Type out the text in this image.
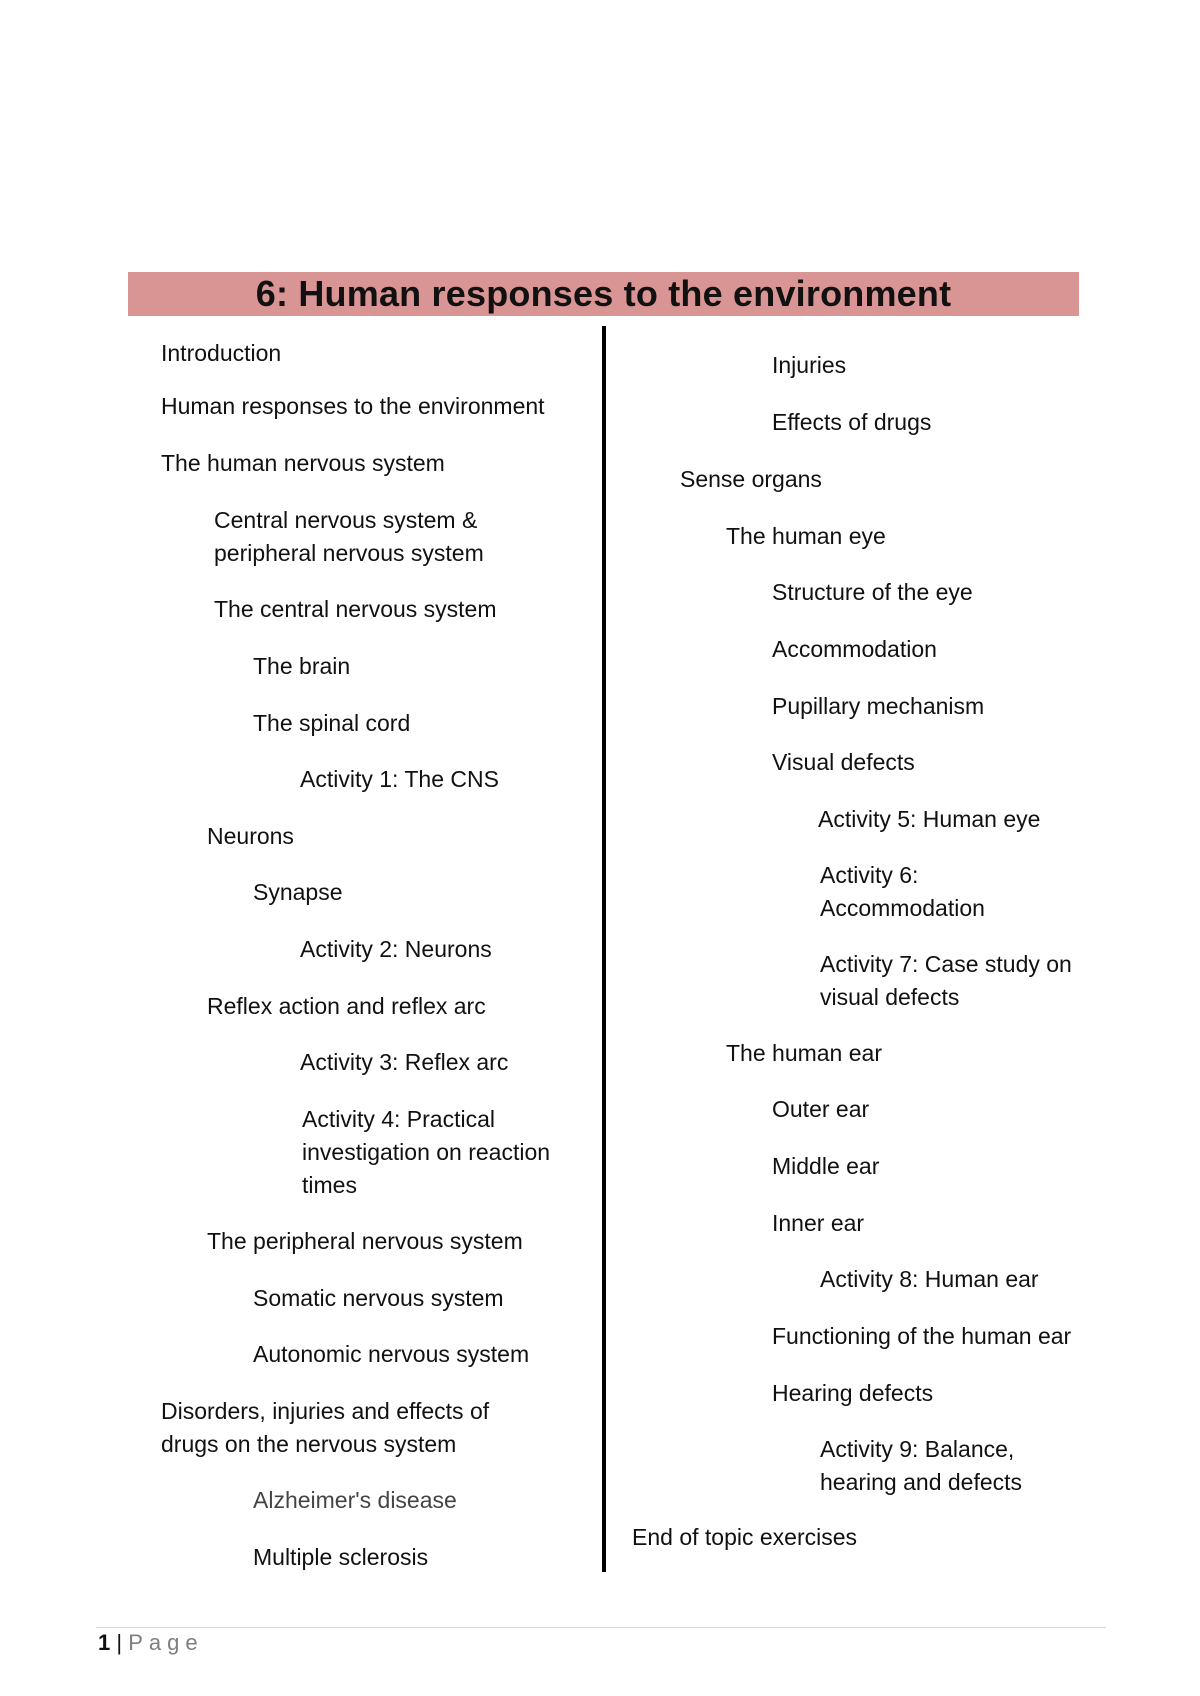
6: Human responses to the environment
Introduction
Human responses to the environment
The human nervous system
Central nervous system & peripheral nervous system
The central nervous system
The brain
The spinal cord
Activity 1: The CNS
Neurons
Synapse
Activity 2: Neurons
Reflex action and reflex arc
Activity 3: Reflex arc
Activity 4: Practical investigation on reaction times
The peripheral nervous system
Somatic nervous system
Autonomic nervous system
Disorders, injuries and effects of drugs on the nervous system
Alzheimer's disease
Multiple sclerosis
Injuries
Effects of drugs
Sense organs
The human eye
Structure of the eye
Accommodation
Pupillary mechanism
Visual defects
Activity 5: Human eye
Activity 6: Accommodation
Activity 7: Case study on visual defects
The human ear
Outer ear
Middle ear
Inner ear
Activity 8: Human ear
Functioning of the human ear
Hearing defects
Activity 9: Balance, hearing and defects
End of topic exercises
1 | Page
